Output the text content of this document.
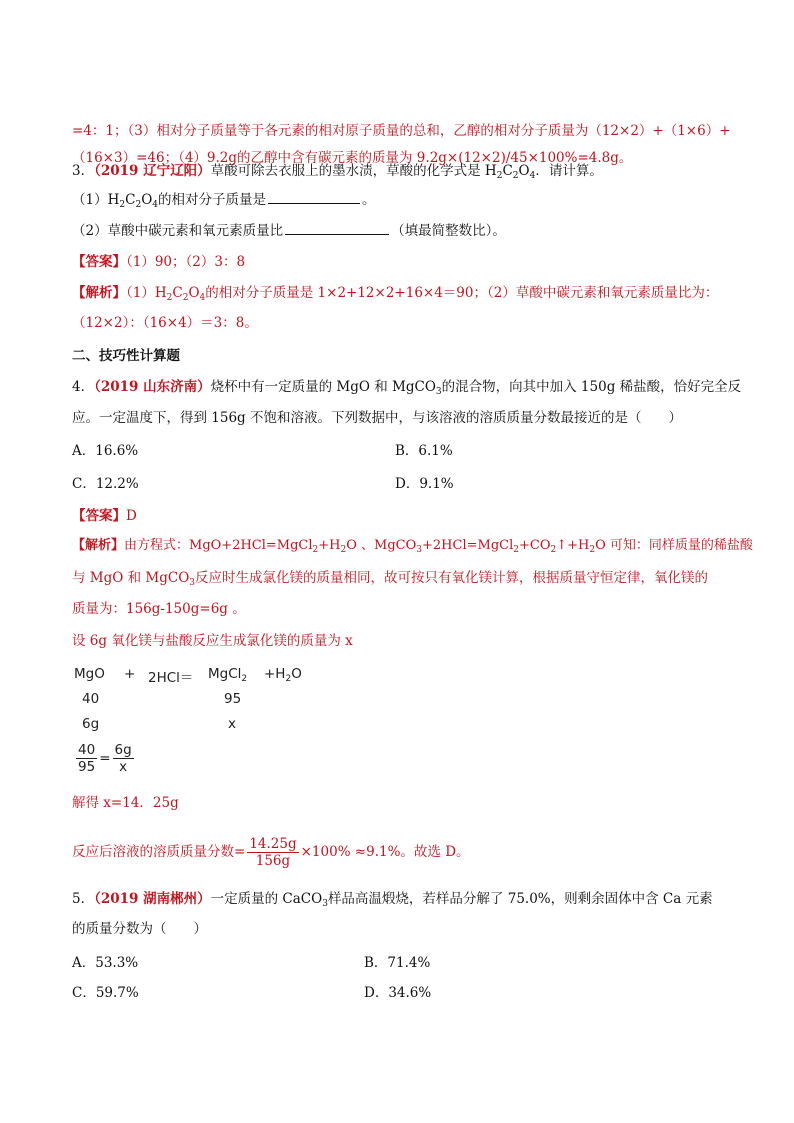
=4：1；（3）相对分子质量等于各元素的相对原子质量的总和，乙醇的相对分子质量为（12×2）+（1×6）+
（16×3）=46；（4）9.2g的乙醇中含有碳元素的质量为 9.2g×(12×2)/45×100%=4.8g。
3．（2019 辽宁辽阳）草酸可除去衣服上的墨水渍，草酸的化学式是 $H_2C_2O_4$．请计算。
$(1)H_2C_2O_4$的相对分子质量是	。
（2）草酸中碳元素和氧元素质量比	（填最简整数比）。
【答案】（1）90；（2）3：8
【解析】$(1)H_2C_2O_4$的相对分子质量是 1×2+12×2+16×4＝90；（2）草酸中碳元素和氧元素质量比为：
（12×2）：（16×4）＝3：8。
二、技巧性计算题
4．（2019 山东济南）烧杯中有一定质量的 MgO 和 MgCO$_3$的混合物，向其中加入 150g 稀盐酸，恰好完全反
应。一定温度下，得到 156g 不饱和溶液。下列数据中，与该溶液的溶质质量分数最接近的是（　　）
A．16.6%	B．6.1%
C．12.2%	D．9.1%
【答案】D
【解析】由方程式：$MgO+2HCl=MgCl_2+H_2O$ 、$MgCO_3+2HCl=MgCl_2+CO_2↑+H_2O$ 可知：同样质量的稀盐酸
与 MgO 和 MgCO$_3$反应时生成氯化镁的质量相同，故可按只有氧化镁计算，根据质量守恒定律，氧化镁的
质量为：156g-150g=6g 。
设 6g 氧化镁与盐酸反应生成氯化镁的质量为 x
MgO + 2HCl＝ MgCl$_2$ $+H_2O$
40	95
6g	x
$\frac{40}{95} = \frac{6g}{x}$
解得 x=14．25g
反应后溶液的溶质质量分数= $\frac{14.25g}{156g} \times 100\% \approx 9.1\%$。故选 D。
5．（2019 湖南郴州）一定质量的 CaCO$_3$样品高温煅烧，若样品分解了 75.0%，则剩余固体中含 Ca 元素
的质量分数为（　　）
A．53.3%	B．71.4%
C．59.7%	D．34.6%
